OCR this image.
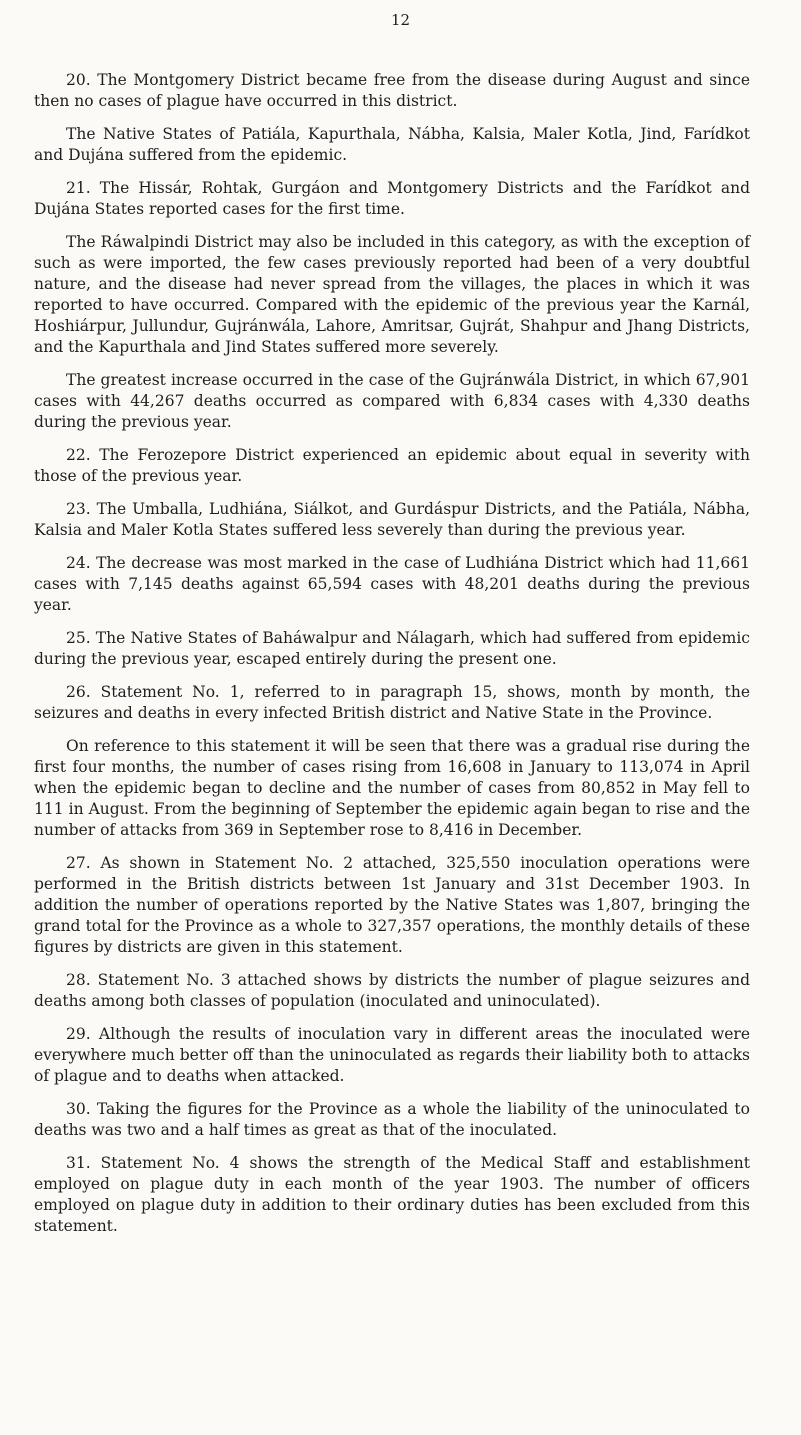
12

20. The Montgomery District became free from the disease during August and since then no cases of plague have occurred in this district.

The Native States of Patiála, Kapurthala, Nábha, Kalsia, Maler Kotla, Jind, Farídkot and Dujána suffered from the epidemic.

21. The Hissár, Rohtak, Gurgáon and Montgomery Districts and the Farídkot and Dujána States reported cases for the first time.

The Ráwalpindi District may also be included in this category, as with the exception of such as were imported, the few cases previously reported had been of a very doubtful nature, and the disease had never spread from the villages, the places in which it was reported to have occurred. Compared with the epidemic of the previous year the Karnál, Hoshiárpur, Jullundur, Gujránwála, Lahore, Amritsar, Gujrát, Shahpur and Jhang Districts, and the Kapurthala and Jind States suffered more severely.

The greatest increase occurred in the case of the Gujránwála District, in which 67,901 cases with 44,267 deaths occurred as compared with 6,834 cases with 4,330 deaths during the previous year.

22. The Ferozepore District experienced an epidemic about equal in severity with those of the previous year.

23. The Umballa, Ludhiána, Siálkot, and Gurdáspur Districts, and the Patiála, Nábha, Kalsia and Maler Kotla States suffered less severely than during the previous year.

24. The decrease was most marked in the case of Ludhiána District which had 11,661 cases with 7,145 deaths against 65,594 cases with 48,201 deaths during the previous year.

25. The Native States of Baháwalpur and Nálagarh, which had suffered from epidemic during the previous year, escaped entirely during the present one.

26. Statement No. 1, referred to in paragraph 15, shows, month by month, the seizures and deaths in every infected British district and Native State in the Province.

On reference to this statement it will be seen that there was a gradual rise during the first four months, the number of cases rising from 16,608 in January to 113,074 in April when the epidemic began to decline and the number of cases from 80,852 in May fell to 111 in August. From the beginning of September the epidemic again began to rise and the number of attacks from 369 in September rose to 8,416 in December.

27. As shown in Statement No. 2 attached, 325,550 inoculation operations were performed in the British districts between 1st January and 31st December 1903. In addition the number of operations reported by the Native States was 1,807, bringing the grand total for the Province as a whole to 327,357 operations, the monthly details of these figures by districts are given in this statement.

28. Statement No. 3 attached shows by districts the number of plague seizures and deaths among both classes of population (inoculated and uninoculated).

29. Although the results of inoculation vary in different areas the inoculated were everywhere much better off than the uninoculated as regards their liability both to attacks of plague and to deaths when attacked.

30. Taking the figures for the Province as a whole the liability of the uninoculated to deaths was two and a half times as great as that of the inoculated.

31. Statement No. 4 shows the strength of the Medical Staff and establishment employed on plague duty in each month of the year 1903. The number of officers employed on plague duty in addition to their ordinary duties has been excluded from this statement.
